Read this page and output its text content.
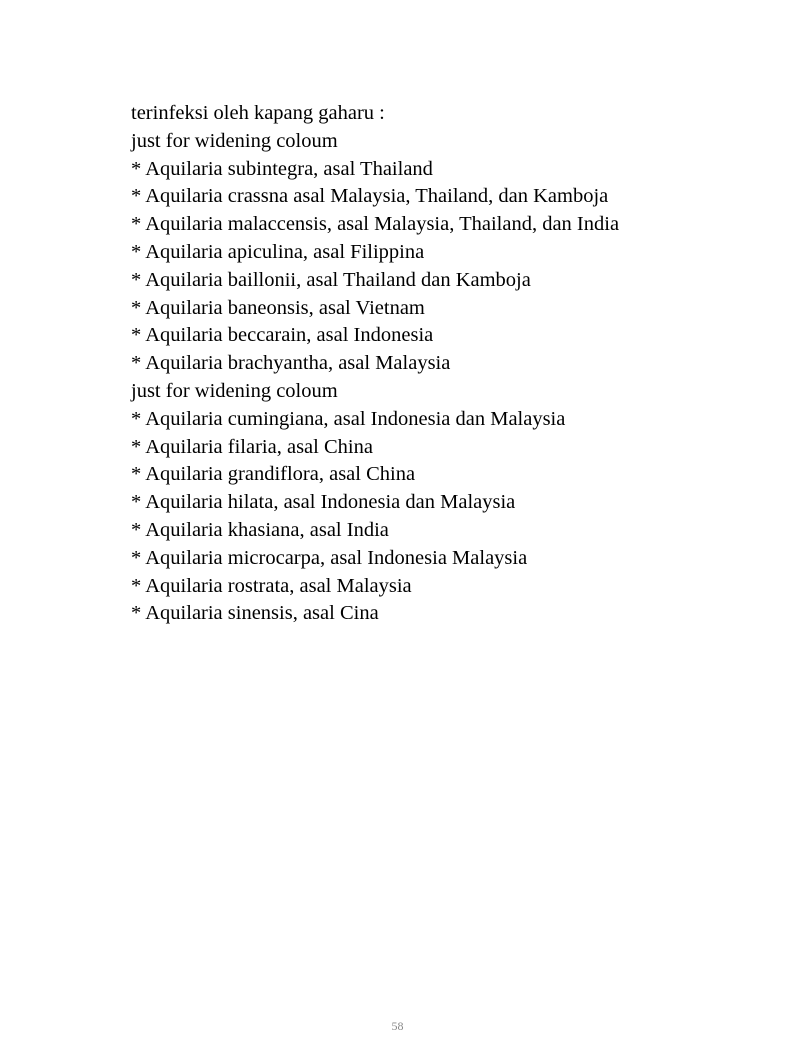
terinfeksi oleh kapang gaharu :
just for widening coloum
* Aquilaria subintegra, asal Thailand
* Aquilaria crassna asal Malaysia, Thailand, dan Kamboja
* Aquilaria malaccensis, asal Malaysia, Thailand, dan India
* Aquilaria apiculina, asal Filippina
* Aquilaria baillonii, asal Thailand dan Kamboja
* Aquilaria baneonsis, asal Vietnam
* Aquilaria beccarain, asal Indonesia
* Aquilaria brachyantha, asal Malaysia
just for widening coloum
* Aquilaria cumingiana, asal Indonesia dan Malaysia
* Aquilaria filaria, asal China
* Aquilaria grandiflora, asal China
* Aquilaria hilata, asal Indonesia dan Malaysia
* Aquilaria khasiana, asal India
* Aquilaria microcarpa, asal Indonesia Malaysia
* Aquilaria rostrata, asal Malaysia
* Aquilaria sinensis, asal Cina
58
